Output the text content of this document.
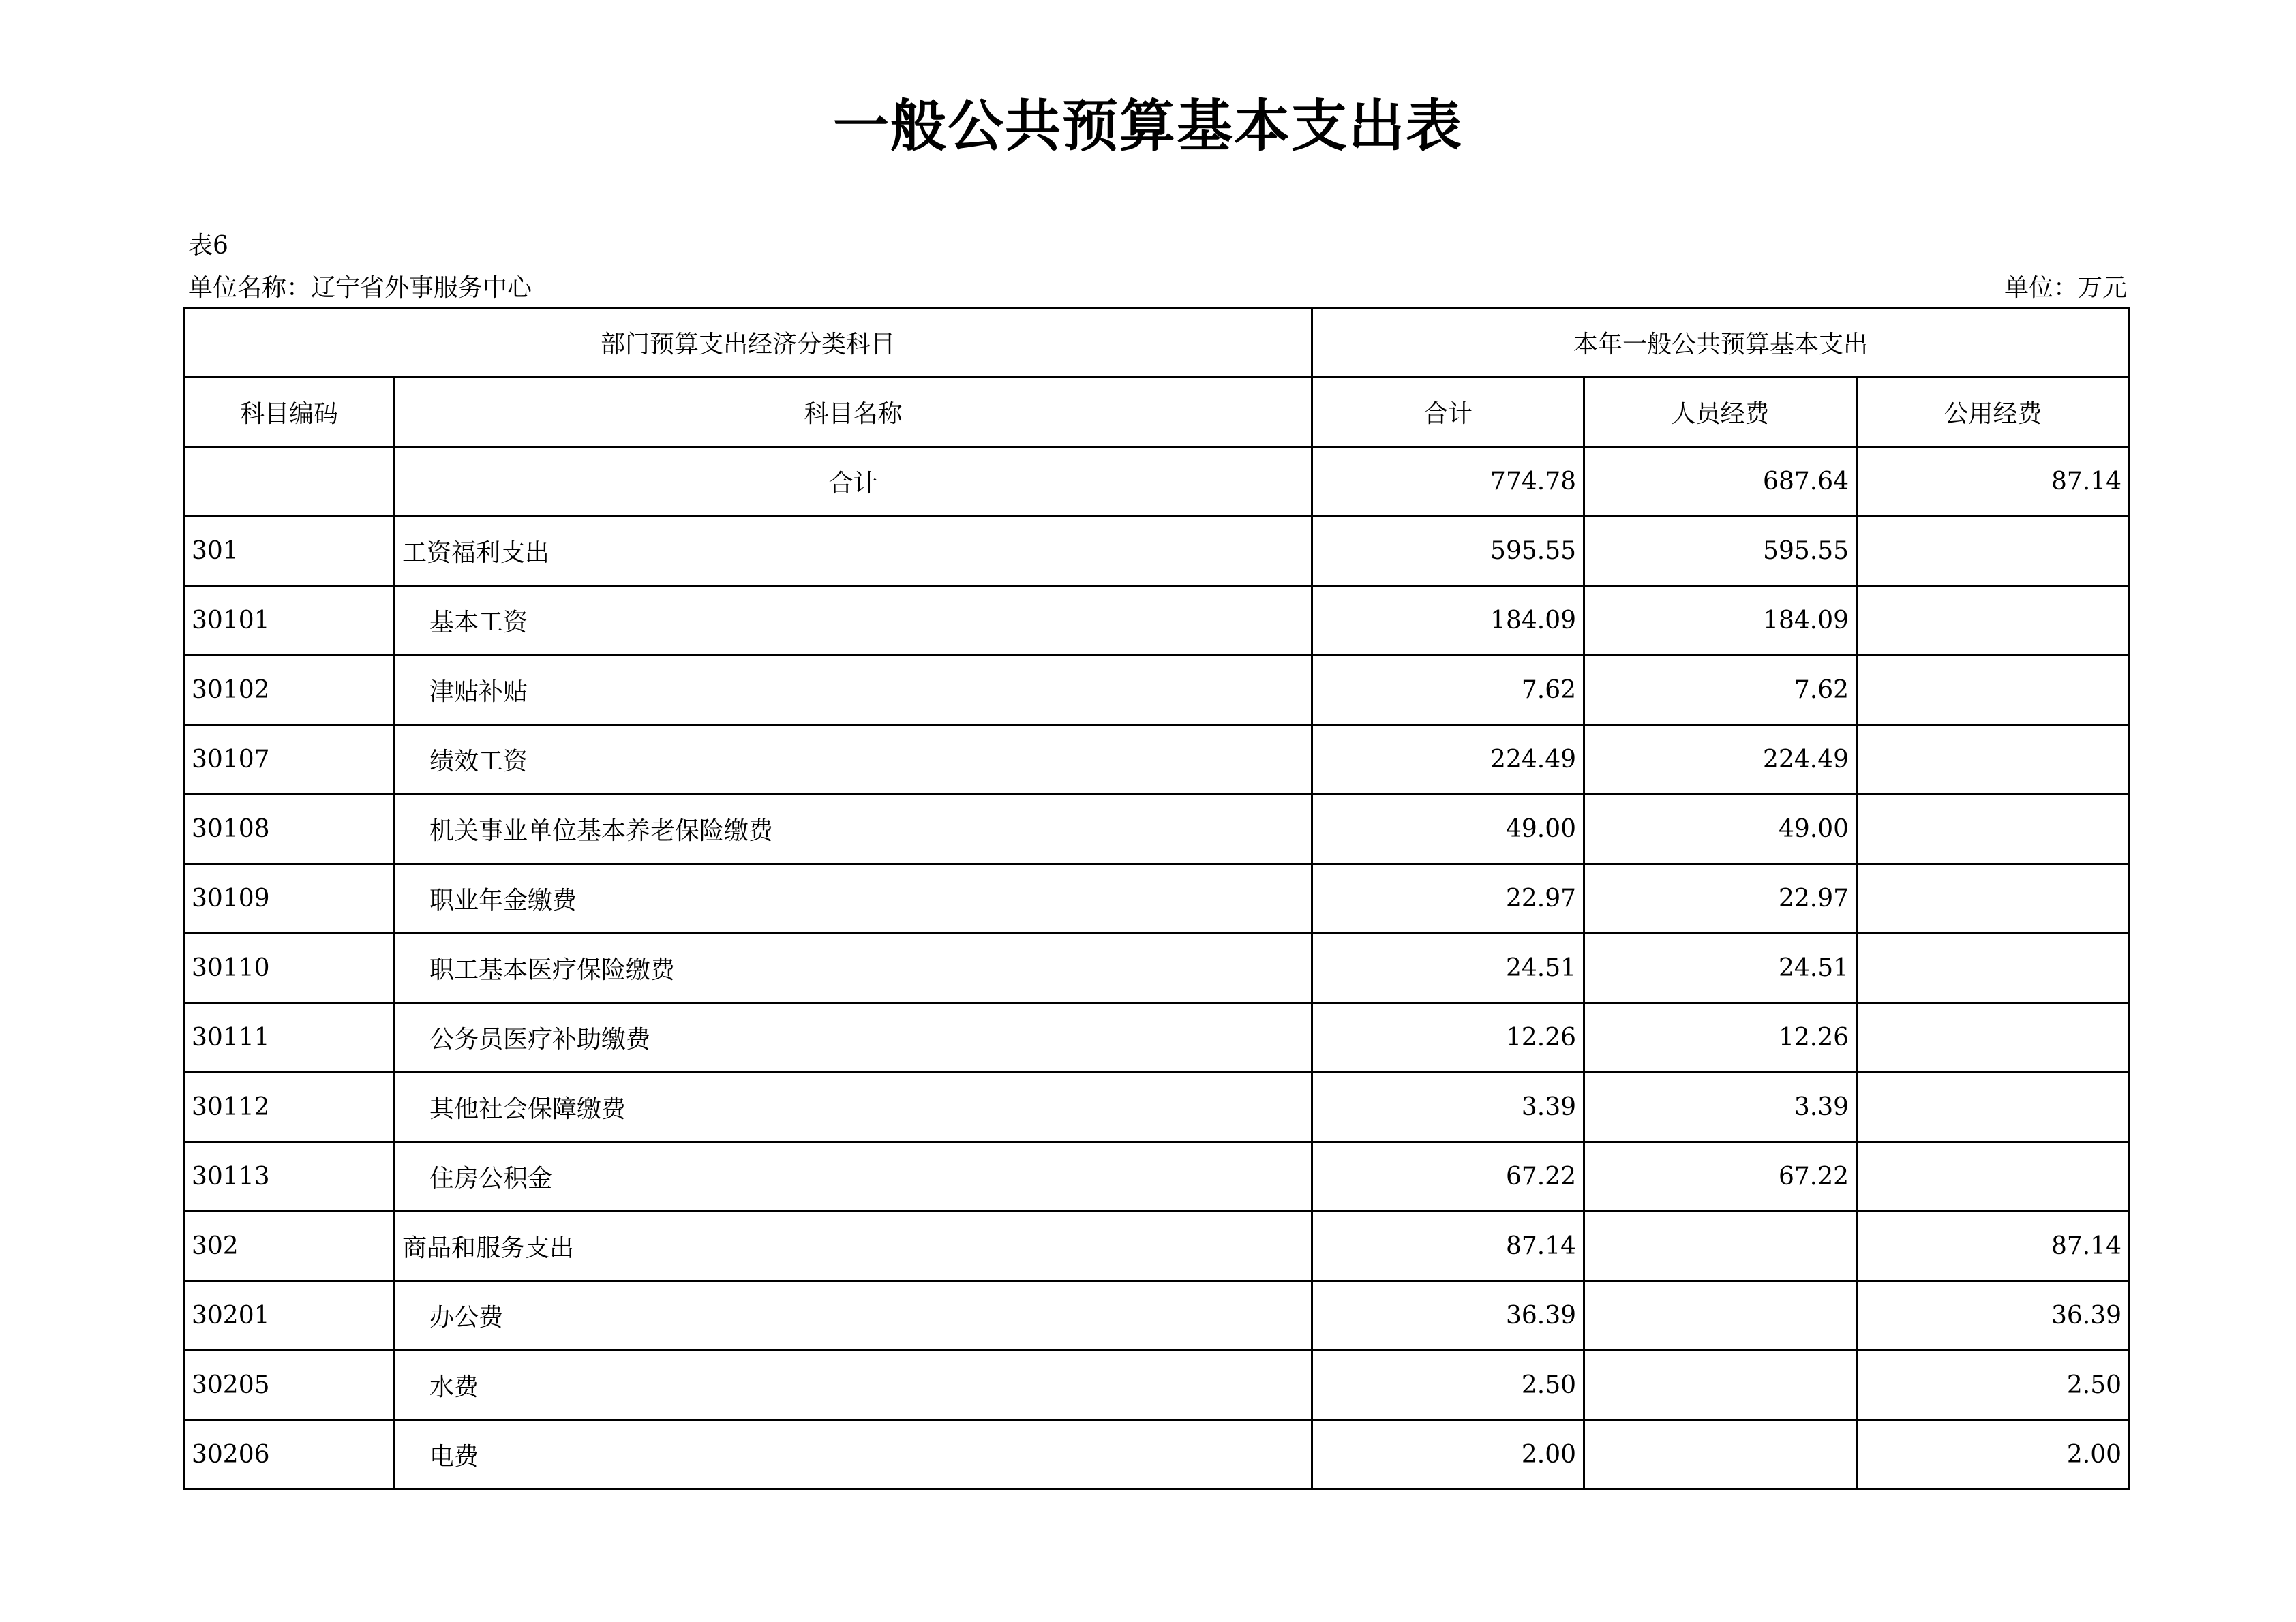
一般公共预算基本支出表
表6
单位名称：辽宁省外事服务中心	单位：万元
部门预算支出经济分类科目		本年一般公共预算基本支出		
科目编码	科目名称	合计	人员经费	公用经费
	合计	774.78	687.64	87.14
301	工资福利支出	595.55	595.55	
30101	基本工资	184.09	184.09	
30102	津贴补贴	7.62	7.62	
30107	绩效工资	224.49	224.49	
30108	机关事业单位基本养老保险缴费	49.00	49.00	
30109	职业年金缴费	22.97	22.97	
30110	职工基本医疗保险缴费	24.51	24.51	
30111	公务员医疗补助缴费	12.26	12.26	
30112	其他社会保障缴费	3.39	3.39	
30113	住房公积金	67.22	67.22	
302	商品和服务支出	87.14		87.14
30201	办公费	36.39		36.39
30205	水费	2.50		2.50
30206	电费	2.00		2.00
